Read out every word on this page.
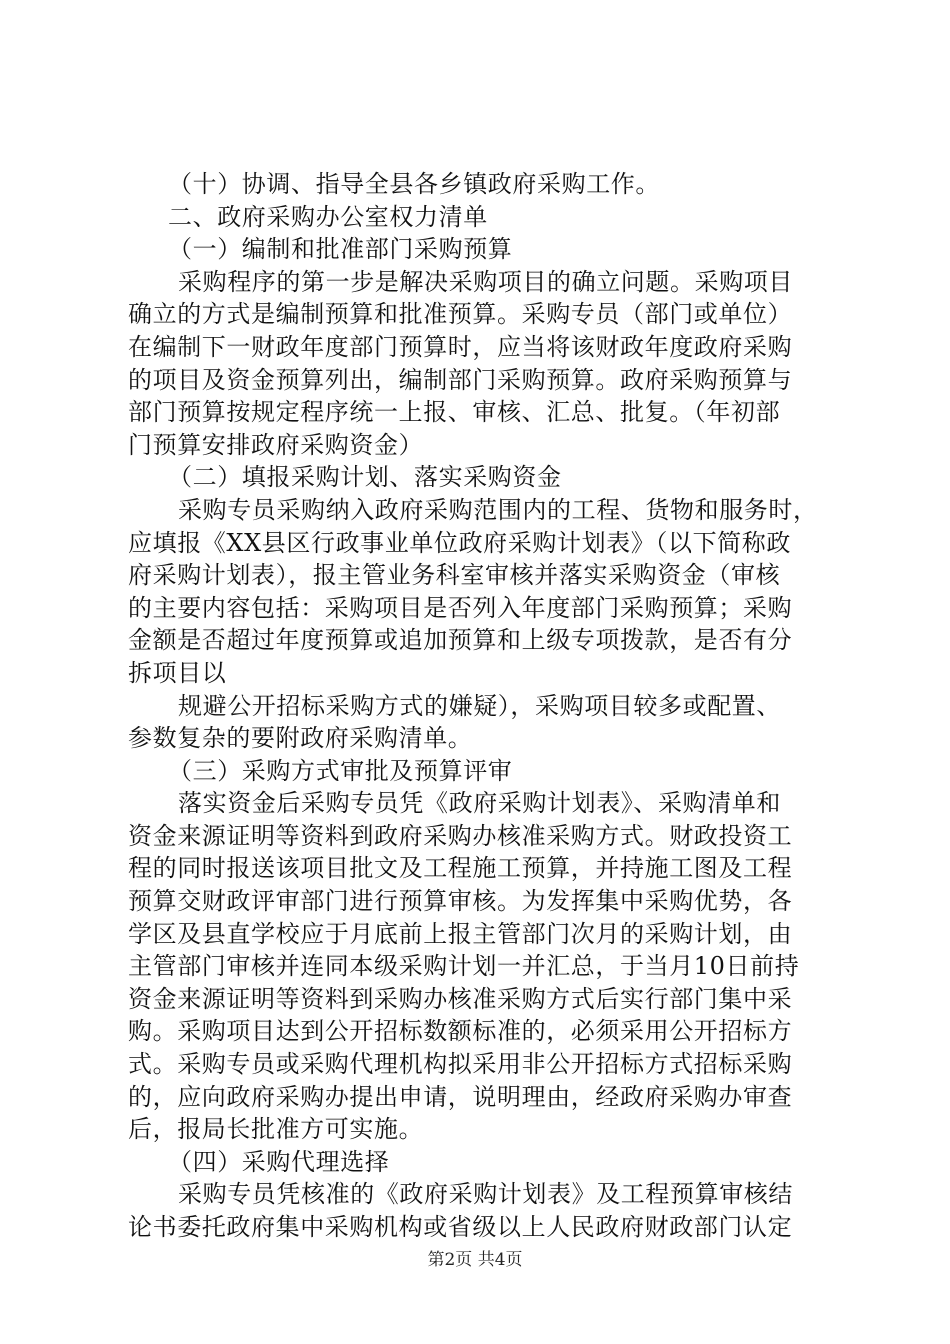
（十）协调、指导全县各乡镇政府采购工作。
二、政府采购办公室权力清单
（一）编制和批准部门采购预算
采购程序的第一步是解决采购项目的确立问题。采购项目
确立的方式是编制预算和批准预算。采购专员（部门或单位）
在编制下一财政年度部门预算时，应当将该财政年度政府采购
的项目及资金预算列出，编制部门采购预算。政府采购预算与
部门预算按规定程序统一上报、审核、汇总、批复。（年初部
门预算安排政府采购资金）
（二）填报采购计划、落实采购资金
采购专员采购纳入政府采购范围内的工程、货物和服务时，
应填报《XX县区行政事业单位政府采购计划表》（以下简称政
府采购计划表），报主管业务科室审核并落实采购资金（审核
的主要内容包括：采购项目是否列入年度部门采购预算；采购
金额是否超过年度预算或追加预算和上级专项拨款，是否有分
拆项目以
规避公开招标采购方式的嫌疑），采购项目较多或配置、
参数复杂的要附政府采购清单。
（三）采购方式审批及预算评审
落实资金后采购专员凭《政府采购计划表》、采购清单和
资金来源证明等资料到政府采购办核准采购方式。财政投资工
程的同时报送该项目批文及工程施工预算，并持施工图及工程
预算交财政评审部门进行预算审核。为发挥集中采购优势，各
学区及县直学校应于月底前上报主管部门次月的采购计划，由
主管部门审核并连同本级采购计划一并汇总，于当月10日前持
资金来源证明等资料到采购办核准采购方式后实行部门集中采
购。采购项目达到公开招标数额标准的，必须采用公开招标方
式。采购专员或采购代理机构拟采用非公开招标方式招标采购
的，应向政府采购办提出申请，说明理由，经政府采购办审查
后，报局长批准方可实施。
（四）采购代理选择
采购专员凭核准的《政府采购计划表》及工程预算审核结
论书委托政府集中采购机构或省级以上人民政府财政部门认定
第2页 共4页
